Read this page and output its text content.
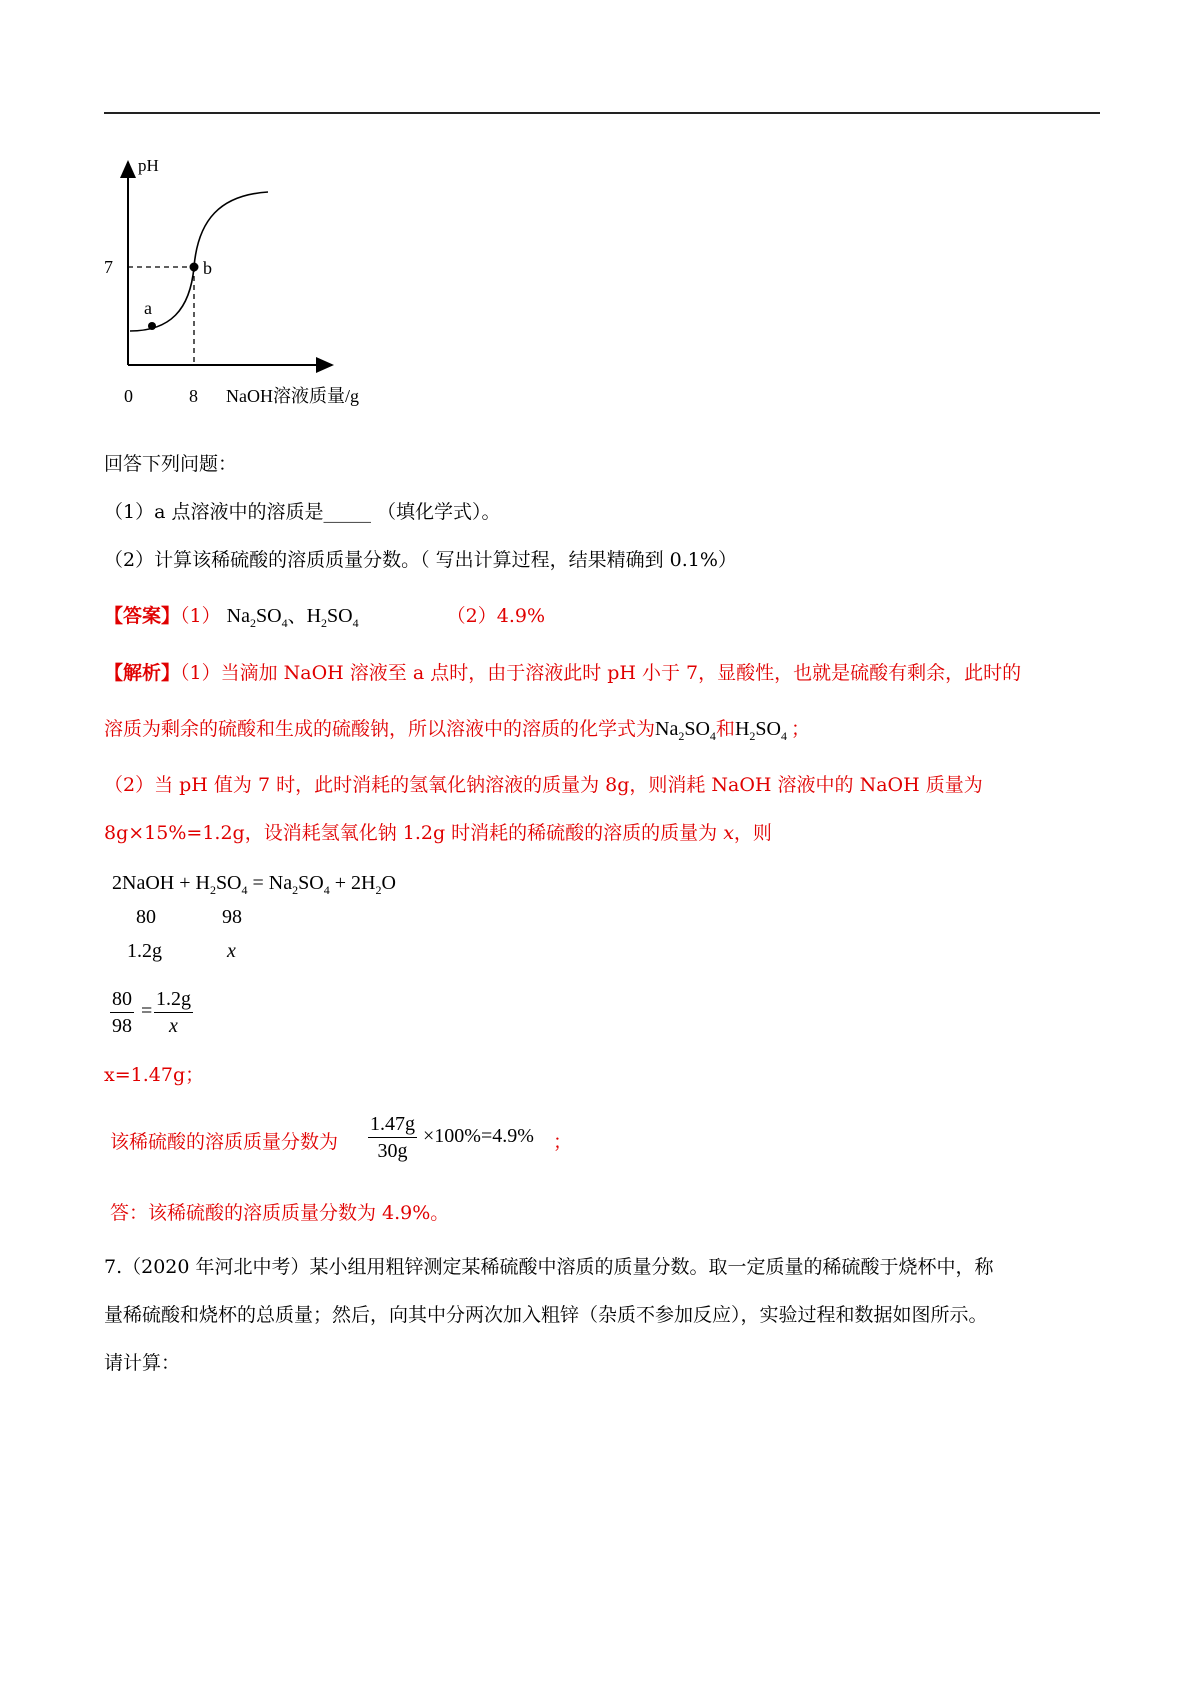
pH
7
a
b
0	8 NaOH溶液质量/g
回答下列问题：
（1）a 点溶液中的溶质是_____ （填化学式）。
（2）计算该稀硫酸的溶质质量分数。（ 写出计算过程，结果精确到 0.1%）
【答案】（1） $Na_2SO_4$、$H_2SO_4$	（2）4.9%
【解析】（1）当滴加 NaOH 溶液至 a 点时，由于溶液此时 pH 小于 7，显酸性，也就是硫酸有剩余，此时的
溶质为剩余的硫酸和生成的硫酸钠，所以溶液中的溶质的化学式为$Na_2SO_4$和$H_2SO_4$ ；
（2）当 pH 值为 7 时，此时消耗的氢氧化钠溶液的质量为 8g，则消耗 NaOH 溶液中的 NaOH 质量为
8g×15%=1.2g，设消耗氢氧化钠 1.2g 时消耗的稀硫酸的溶质的质量为 x，则
2NaOH + $H_2SO_4 = Na_2SO_4 + 2H_2O$
80	98
1.2g	x
80
98
=
1.2g
x
x=1.47g；
该稀硫酸的溶质质量分数为
1.47g
30g
×100%=4.9% ；
答：该稀硫酸的溶质质量分数为 4.9%。
7.（2020 年河北中考）某小组用粗锌测定某稀硫酸中溶质的质量分数。取一定质量的稀硫酸于烧杯中，称
量稀硫酸和烧杯的总质量；然后，向其中分两次加入粗锌（杂质不参加反应），实验过程和数据如图所示。
请计算：
